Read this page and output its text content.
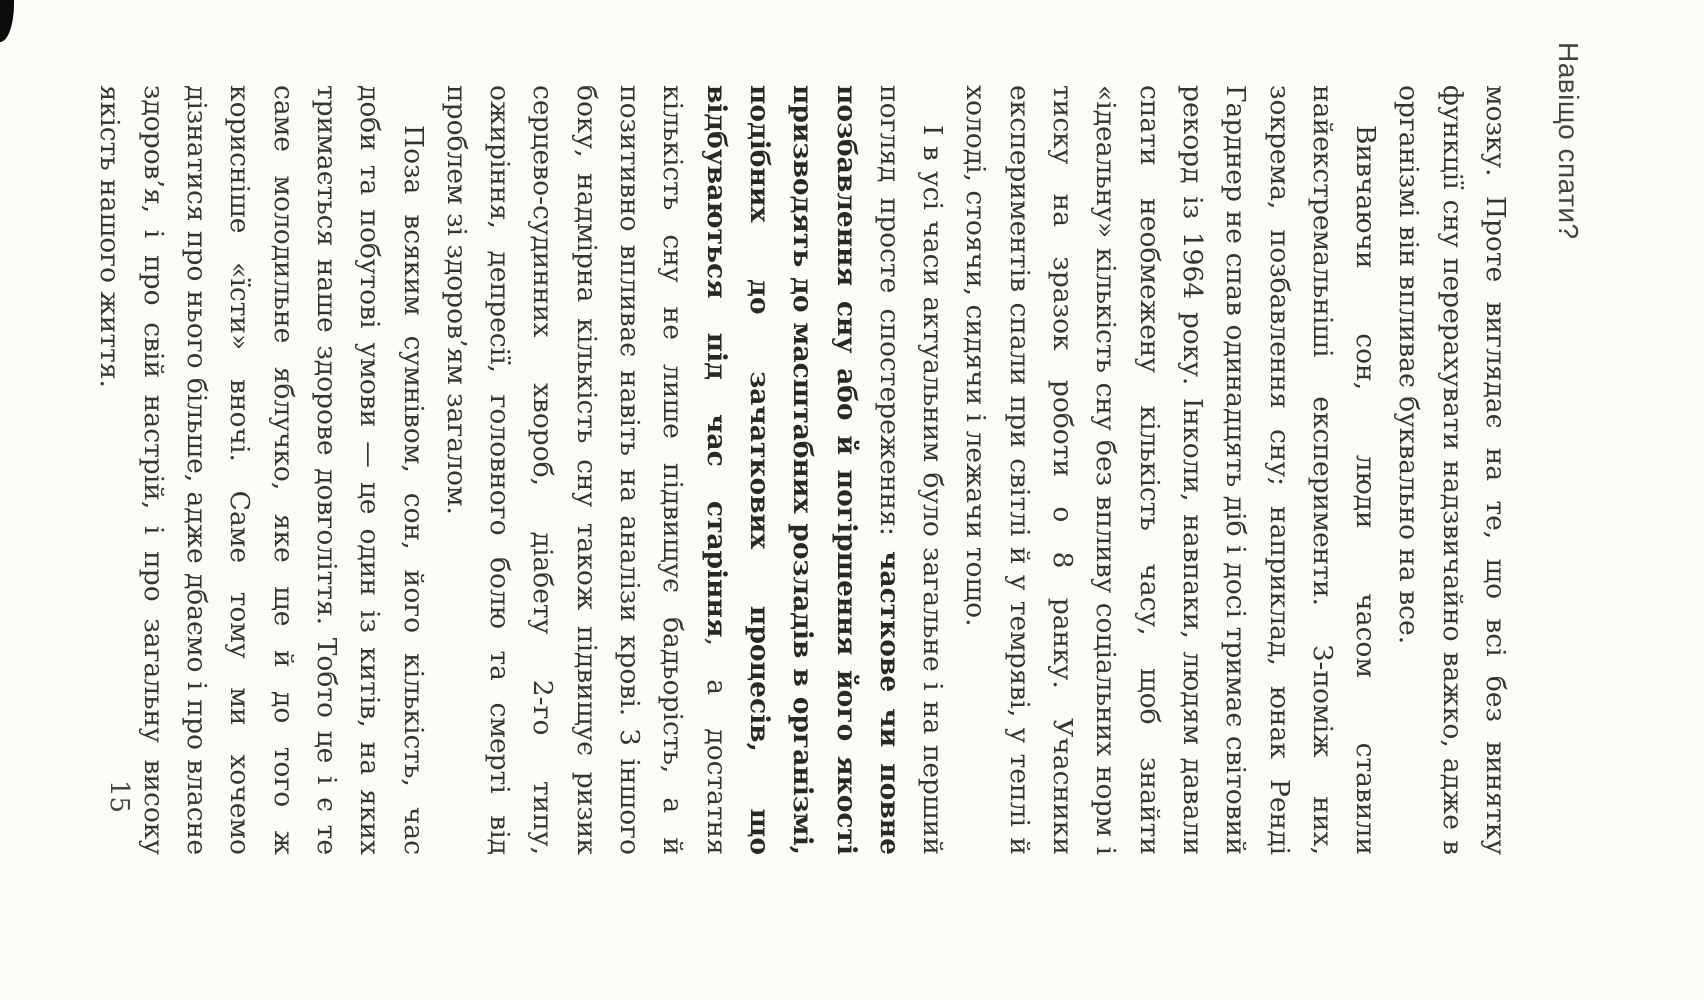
Навіщо спати?

мозку. Проте виглядає на те, що всі без винятку функції сну перерахувати надзвичайно важко, адже в організмі він впливає буквально на все.

Вивчаючи сон, люди часом ставили найекстремальніші експерименти. З-поміж них, зокрема, позбавлення сну; наприклад, юнак Ренді Гарднер не спав одинадцять діб і досі тримає світовий рекорд із 1964 року. Інколи, навпаки, людям давали спати необмежену кількість часу, щоб знайти «ідеальну» кількість сну без впливу соціальних норм і тиску на зразок роботи о 8 ранку. Учасники експериментів спали при світлі й у темряві, у теплі й холоді, стоячи, сидячи і лежачи тощо.

І в усі часи актуальним було загальне і на перший погляд просте спостереження: часткове чи повне позбавлення сну або й погіршення його якості призводять до масштабних розладів в організмі, подібних до зачаткових процесів, що відбуваються під час старіння, а достатня кількість сну не лише підвищує бадьорість, а й позитивно впливає навіть на аналізи крові. З іншого боку, надмірна кількість сну також підвищує ризик серцево-судинних хвороб, діабету 2-го типу, ожиріння, депресії, головного болю та смерті від проблем зі здоров’ям загалом.

Поза всяким сумнівом, сон, його кількість, час доби та побутові умови — це один із китів, на яких тримається наше здорове довголіття. Тобто це і є те саме молодильне яблучко, яке ще й до того ж корисніше «їсти» вночі. Саме тому ми хочемо дізнатися про нього більше, адже дбаємо і про власне здоров’я, і про свій настрій, і про загальну високу якість нашого життя.

15
